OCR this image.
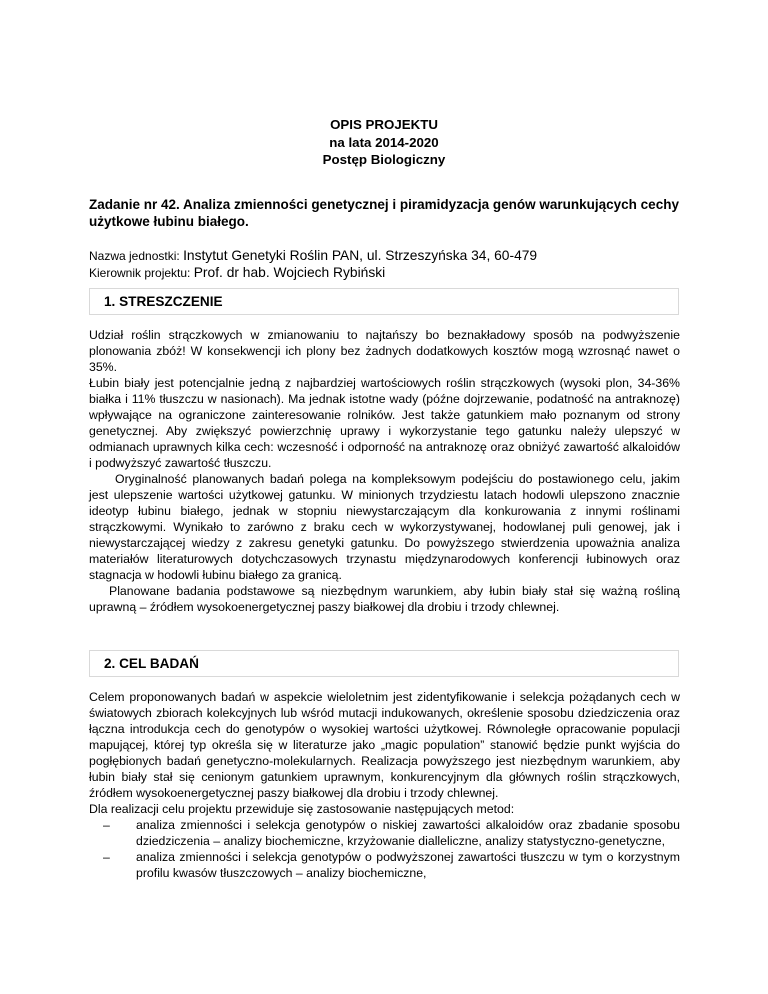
OPIS PROJEKTU
na lata 2014-2020
Postęp Biologiczny
Zadanie nr 42. Analiza zmienności genetycznej i piramidyzacja genów warunkujących cechy użytkowe łubinu białego.
Nazwa jednostki: Instytut Genetyki Roślin PAN, ul. Strzeszyńska 34, 60-479
Kierownik projektu: Prof. dr hab. Wojciech Rybiński
1. STRESZCZENIE

Udział roślin strączkowych w zmianowaniu to najtańszy bo beznakładowy sposób na podwyższenie plonowania zbóż! W konsekwencji ich plony bez żadnych dodatkowych kosztów mogą wzrosnąć nawet o 35%.

Łubin biały jest potencjalnie jedną z najbardziej wartościowych roślin strączkowych (wysoki plon, 34-36% białka i 11% tłuszczu w nasionach). Ma jednak istotne wady (późne dojrzewanie, podatność na antraknozę) wpływające na ograniczone zainteresowanie rolników. Jest także gatunkiem mało poznanym od strony genetycznej. Aby zwiększyć powierzchnię uprawy i wykorzystanie tego gatunku należy ulepszyć w odmianach uprawnych kilka cech: wczesność i odporność na antraknozę oraz obniżyć zawartość alkaloidów i podwyższyć zawartość tłuszczu.

Oryginalność planowanych badań polega na kompleksowym podejściu do postawionego celu, jakim jest ulepszenie wartości użytkowej gatunku. W minionych trzydziestu latach hodowli ulepszono znacznie ideotyp łubinu białego, jednak w stopniu niewystarczającym dla konkurowania z innymi roślinami strączkowymi. Wynikało to zarówno z braku cech w wykorzystywanej, hodowlanej puli genowej, jak i niewystarczającej wiedzy z zakresu genetyki gatunku. Do powyższego stwierdzenia upoważnia analiza materiałów literaturowych dotychczasowych trzynastu międzynarodowych konferencji łubinowych oraz stagnacja w hodowli łubinu białego za granicą.

Planowane badania podstawowe są niezbędnym warunkiem, aby łubin biały stał się ważną rośliną uprawną – źródłem wysokoenergetycznej paszy białkowej dla drobiu i trzody chlewnej.

2. CEL BADAŃ

Celem proponowanych badań w aspekcie wieloletnim jest zidentyfikowanie i selekcja pożądanych cech w światowych zbiorach kolekcyjnych lub wśród mutacji indukowanych, określenie sposobu dziedziczenia oraz łączna introdukcja cech do genotypów o wysokiej wartości użytkowej. Równoległe opracowanie populacji mapującej, której typ określa się w literaturze jako „magic population” stanowić będzie punkt wyjścia do pogłębionych badań genetyczno-molekularnych. Realizacja powyższego jest niezbędnym warunkiem, aby łubin biały stał się cenionym gatunkiem uprawnym, konkurencyjnym dla głównych roślin strączkowych, źródłem wysokoenergetycznej paszy białkowej dla drobiu i trzody chlewnej.

Dla realizacji celu projektu przewiduje się zastosowanie następujących metod:

– analiza zmienności i selekcja genotypów o niskiej zawartości alkaloidów oraz zbadanie sposobu dziedziczenia – analizy biochemiczne, krzyżowanie dialleliczne, analizy statystyczno-genetyczne,
– analiza zmienności i selekcja genotypów o podwyższonej zawartości tłuszczu w tym o korzystnym profilu kwasów tłuszczowych – analizy biochemiczne,
